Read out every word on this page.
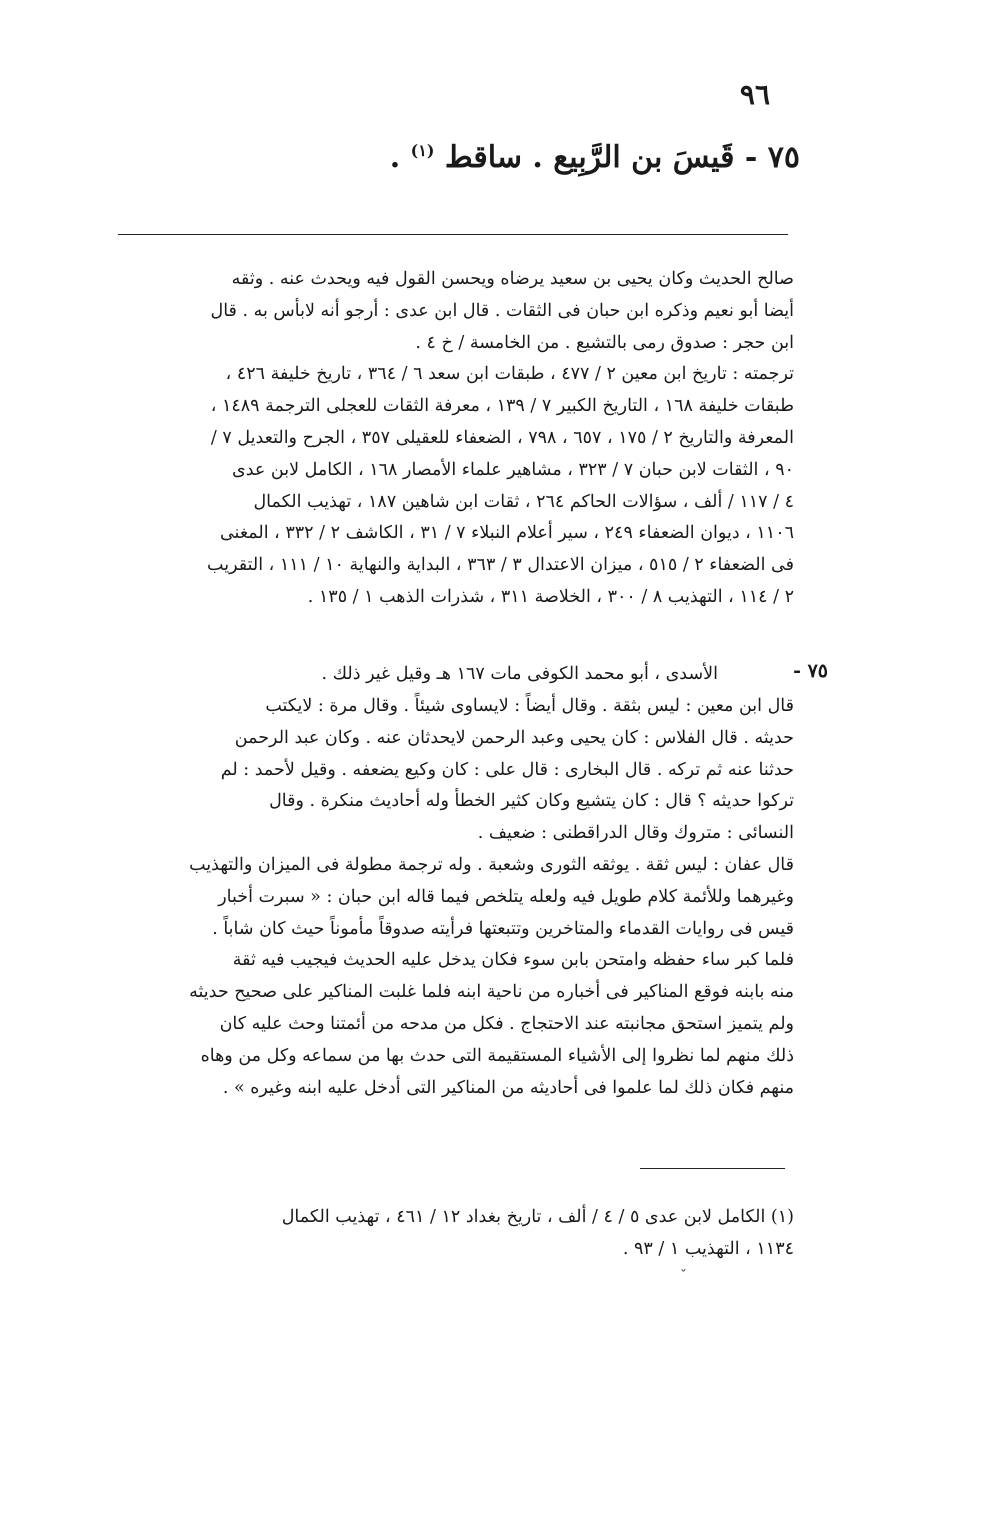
٩٦
٧٥ - قَيسَ بن الرَّبِيع . ساقط $^{(١)}$ .
صالح الحديث وكان يحيى بن سعيد يرضاه ويحسن القول فيه ويحدث عنه . وثقه
أيضا أبو نعيم وذكره ابن حبان فى الثقات . قال ابن عدى : أرجو أنه لابأس به . قال
ابن حجر : صدوق رمى بالتشيع . من الخامسة / خ ٤ .
ترجمته : تاريخ ابن معين ٢ / ٤٧٧ ، طبقات ابن سعد ٦ / ٣٦٤ ، تاريخ خليفة ٤٢٦ ،
طبقات خليفة ١٦٨ ، التاريخ الكبير ٧ / ١٣٩ ، معرفة الثقات للعجلى الترجمة ١٤٨٩ ،
المعرفة والتاريخ ٢ / ١٧٥ ، ٦٥٧ ، ٧٩٨ ، الضعفاء للعقيلى ٣٥٧ ، الجرح والتعديل ٧ /
٩٠ ، الثقات لابن حبان ٧ / ٣٢٣ ، مشاهير علماء الأمصار ١٦٨ ، الكامل لابن عدى
٤ / ١١٧ / ألف ، سؤالات الحاكم ٢٦٤ ، ثقات ابن شاهين ١٨٧ ، تهذيب الكمال
١١٠٦ ، ديوان الضعفاء ٢٤٩ ، سير أعلام النبلاء ٧ / ٣١ ، الكاشف ٢ / ٣٣٢ ، المغنى
فى الضعفاء ٢ / ٥١٥ ، ميزان الاعتدال ٣ / ٣٦٣ ، البداية والنهاية ١٠ / ١١١ ، التقريب
٢ / ١١٤ ، التهذيب ٨ / ٣٠٠ ، الخلاصة ٣١١ ، شذرات الذهب ١ / ١٣٥ .
٧٥ -
الأسدى ، أبو محمد الكوفى مات ١٦٧ هـ وقيل غير ذلك .
قال ابن معين : ليس بثقة . وقال أيضاً : لايساوى شيئاً . وقال مرة : لايكتب
حديثه . قال الفلاس : كان يحيى وعبد الرحمن لايحدثان عنه . وكان عبد الرحمن
حدثنا عنه ثم تركه . قال البخارى : قال على : كان وكيع يضعفه . وقيل لأحمد : لم
تركوا حديثه ؟ قال : كان يتشيع وكان كثير الخطأ وله أحاديث منكرة . وقال
النسائى : متروك وقال الدراقطنى : ضعيف .
قال عفان : ليس ثقة . يوثقه الثورى وشعبة . وله ترجمة مطولة فى الميزان والتهذيب
وغيرهما وللأئمة كلام طويل فيه ولعله يتلخص فيما قاله ابن حبان : « سبرت أخبار
قيس فى روايات القدماء والمتاخرين وتتبعتها فرأيته صدوقاً مأموناً حيث كان شاباً .
فلما كبر ساء حفظه وامتحن بابن سوء فكان يدخل عليه الحديث فيجيب فيه ثقة
منه بابنه فوقع المناكير فى أخباره من ناحية ابنه فلما غلبت المناكير على صحيح حديثه
ولم يتميز استحق مجانبته عند الاحتجاج . فكل من مدحه من أئمتنا وحث عليه كان
ذلك منهم لما نظروا إلى الأشياء المستقيمة التى حدث بها من سماعه وكل من وهاه
منهم فكان ذلك لما علموا فى أحاديثه من المناكير التى أدخل عليه ابنه وغيره » .
(١) الكامل لابن عدى ٥ / ٤ / ألف ، تاريخ بغداد ١٢ / ٤٦١ ، تهذيب الكمال
١١٣٤ ، التهذيب ١ / ٩٣ .
ˇ
